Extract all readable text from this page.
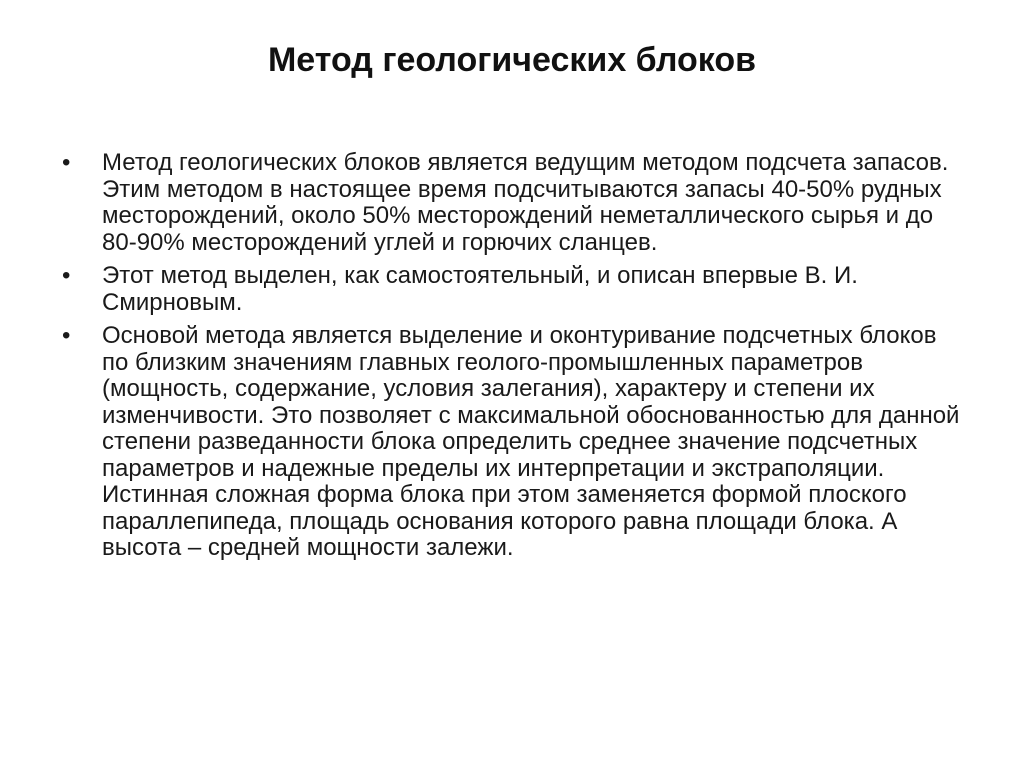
Метод геологических блоков
• Метод геологических блоков является ведущим методом подсчета запасов. Этим методом в настоящее время подсчитываются запасы 40-50% рудных месторождений, около 50% месторождений неметаллического сырья и до 80-90% месторождений углей и горючих сланцев.
• Этот метод выделен, как самостоятельный, и описан впервые В. И. Смирновым.
• Основой метода является выделение и оконтуривание подсчетных блоков по близким значениям главных геолого-промышленных параметров (мощность, содержание, условия залегания), характеру и степени их изменчивости. Это позволяет с максимальной обоснованностью для данной степени разведанности блока определить среднее значение подсчетных параметров и надежные пределы их интерпретации и экстраполяции. Истинная сложная форма блока при этом заменяется формой плоского параллепипеда, площадь основания которого равна площади блока. А высота – средней мощности залежи.
